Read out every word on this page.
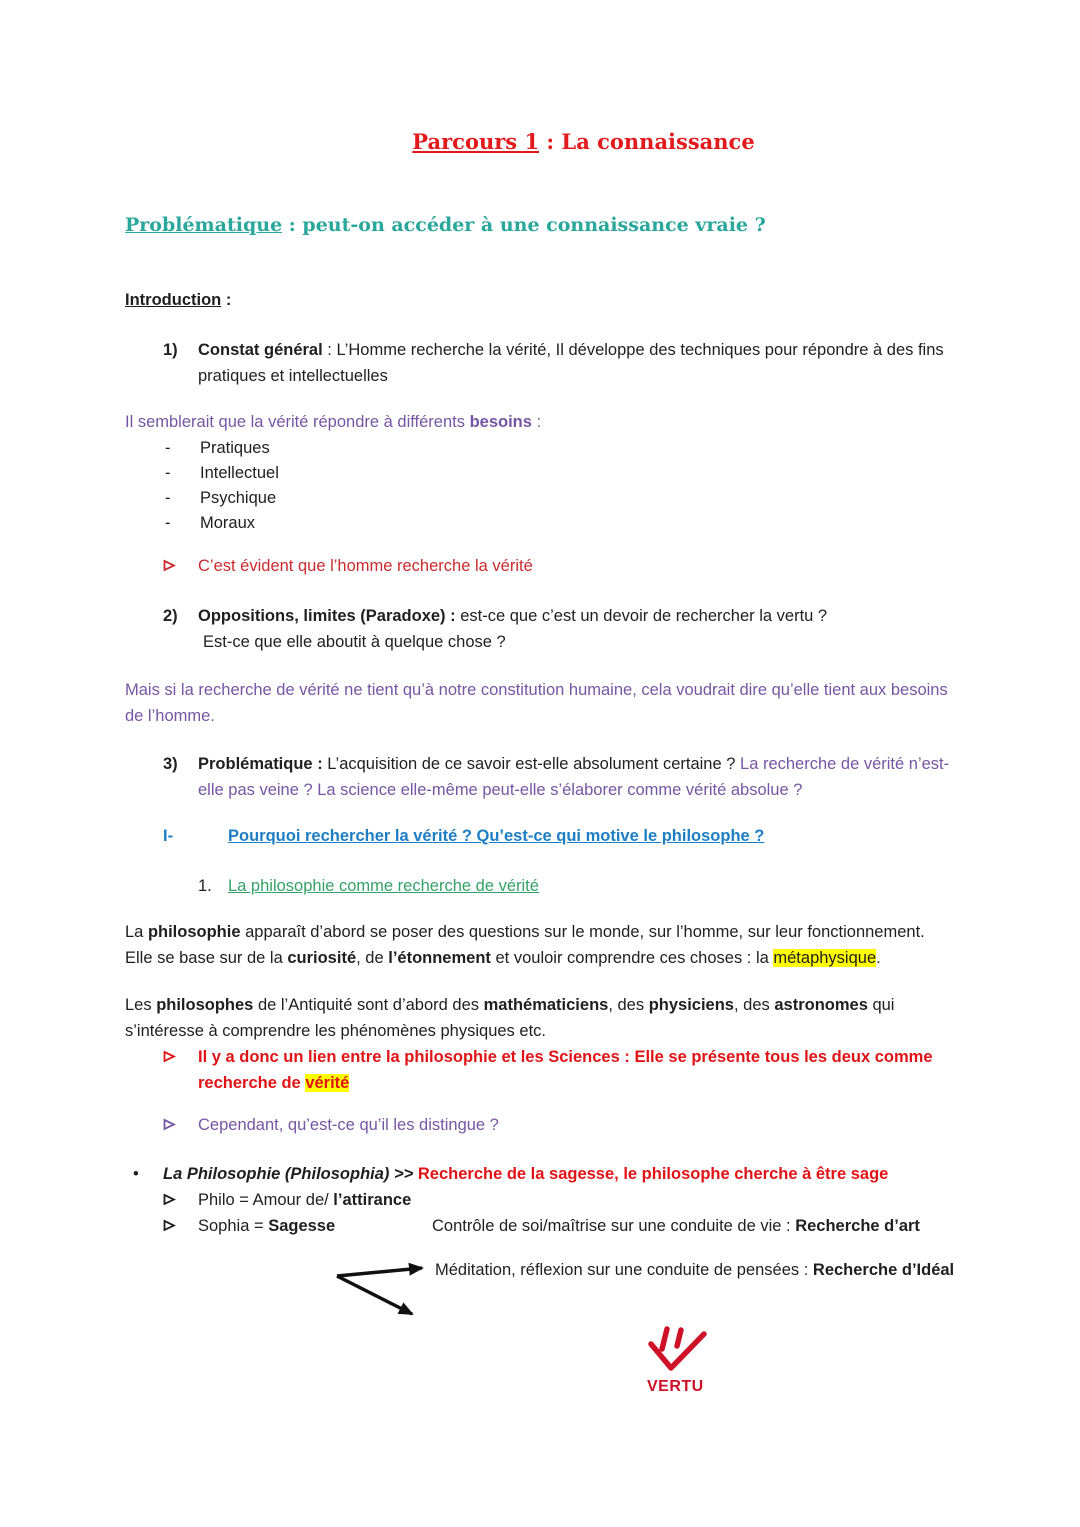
Parcours 1 : La connaissance
Problématique : peut-on accéder à une connaissance vraie ?
Introduction :
1) Constat général : L’Homme recherche la vérité, Il développe des techniques pour répondre à des fins pratiques et intellectuelles
Il semblerait que la vérité répondre à différents besoins :
- Pratiques
- Intellectuel
- Psychique
- Moraux
C’est évident que l’homme recherche la vérité
2) Oppositions, limites (Paradoxe) : est-ce que c’est un devoir de rechercher la vertu ?
Est-ce que elle aboutit à quelque chose ?
Mais si la recherche de vérité ne tient qu’à notre constitution humaine, cela voudrait dire qu’elle tient aux besoins de l’homme.
3) Problématique : L’acquisition de ce savoir est-elle absolument certaine ? La recherche de vérité n’est-elle pas veine ? La science elle-même peut-elle s’élaborer comme vérité absolue ?
I-	Pourquoi rechercher la vérité ? Qu’est-ce qui motive le philosophe ?
1. La philosophie comme recherche de vérité
La philosophie apparaît d’abord se poser des questions sur le monde, sur l’homme, sur leur fonctionnement.
Elle se base sur de la curiosité, de l’étonnement et vouloir comprendre ces choses : la métaphysique.
Les philosophes de l’Antiquité sont d’abord des mathématiciens, des physiciens, des astronomes qui s’intéresse à comprendre les phénomènes physiques etc.
Il y a donc un lien entre la philosophie et les Sciences : Elle se présente tous les deux comme recherche de vérité
Cependant, qu’est-ce qu’il les distingue ?
• La Philosophie (Philosophia) >> Recherche de la sagesse, le philosophe cherche à être sage
Philo = Amour de/ l’attirance
Sophia = Sagesse	Contrôle de soi/maîtrise sur une conduite de vie : Recherche d’art
Méditation, réflexion sur une conduite de pensées : Recherche d’Idéal
VERTU
